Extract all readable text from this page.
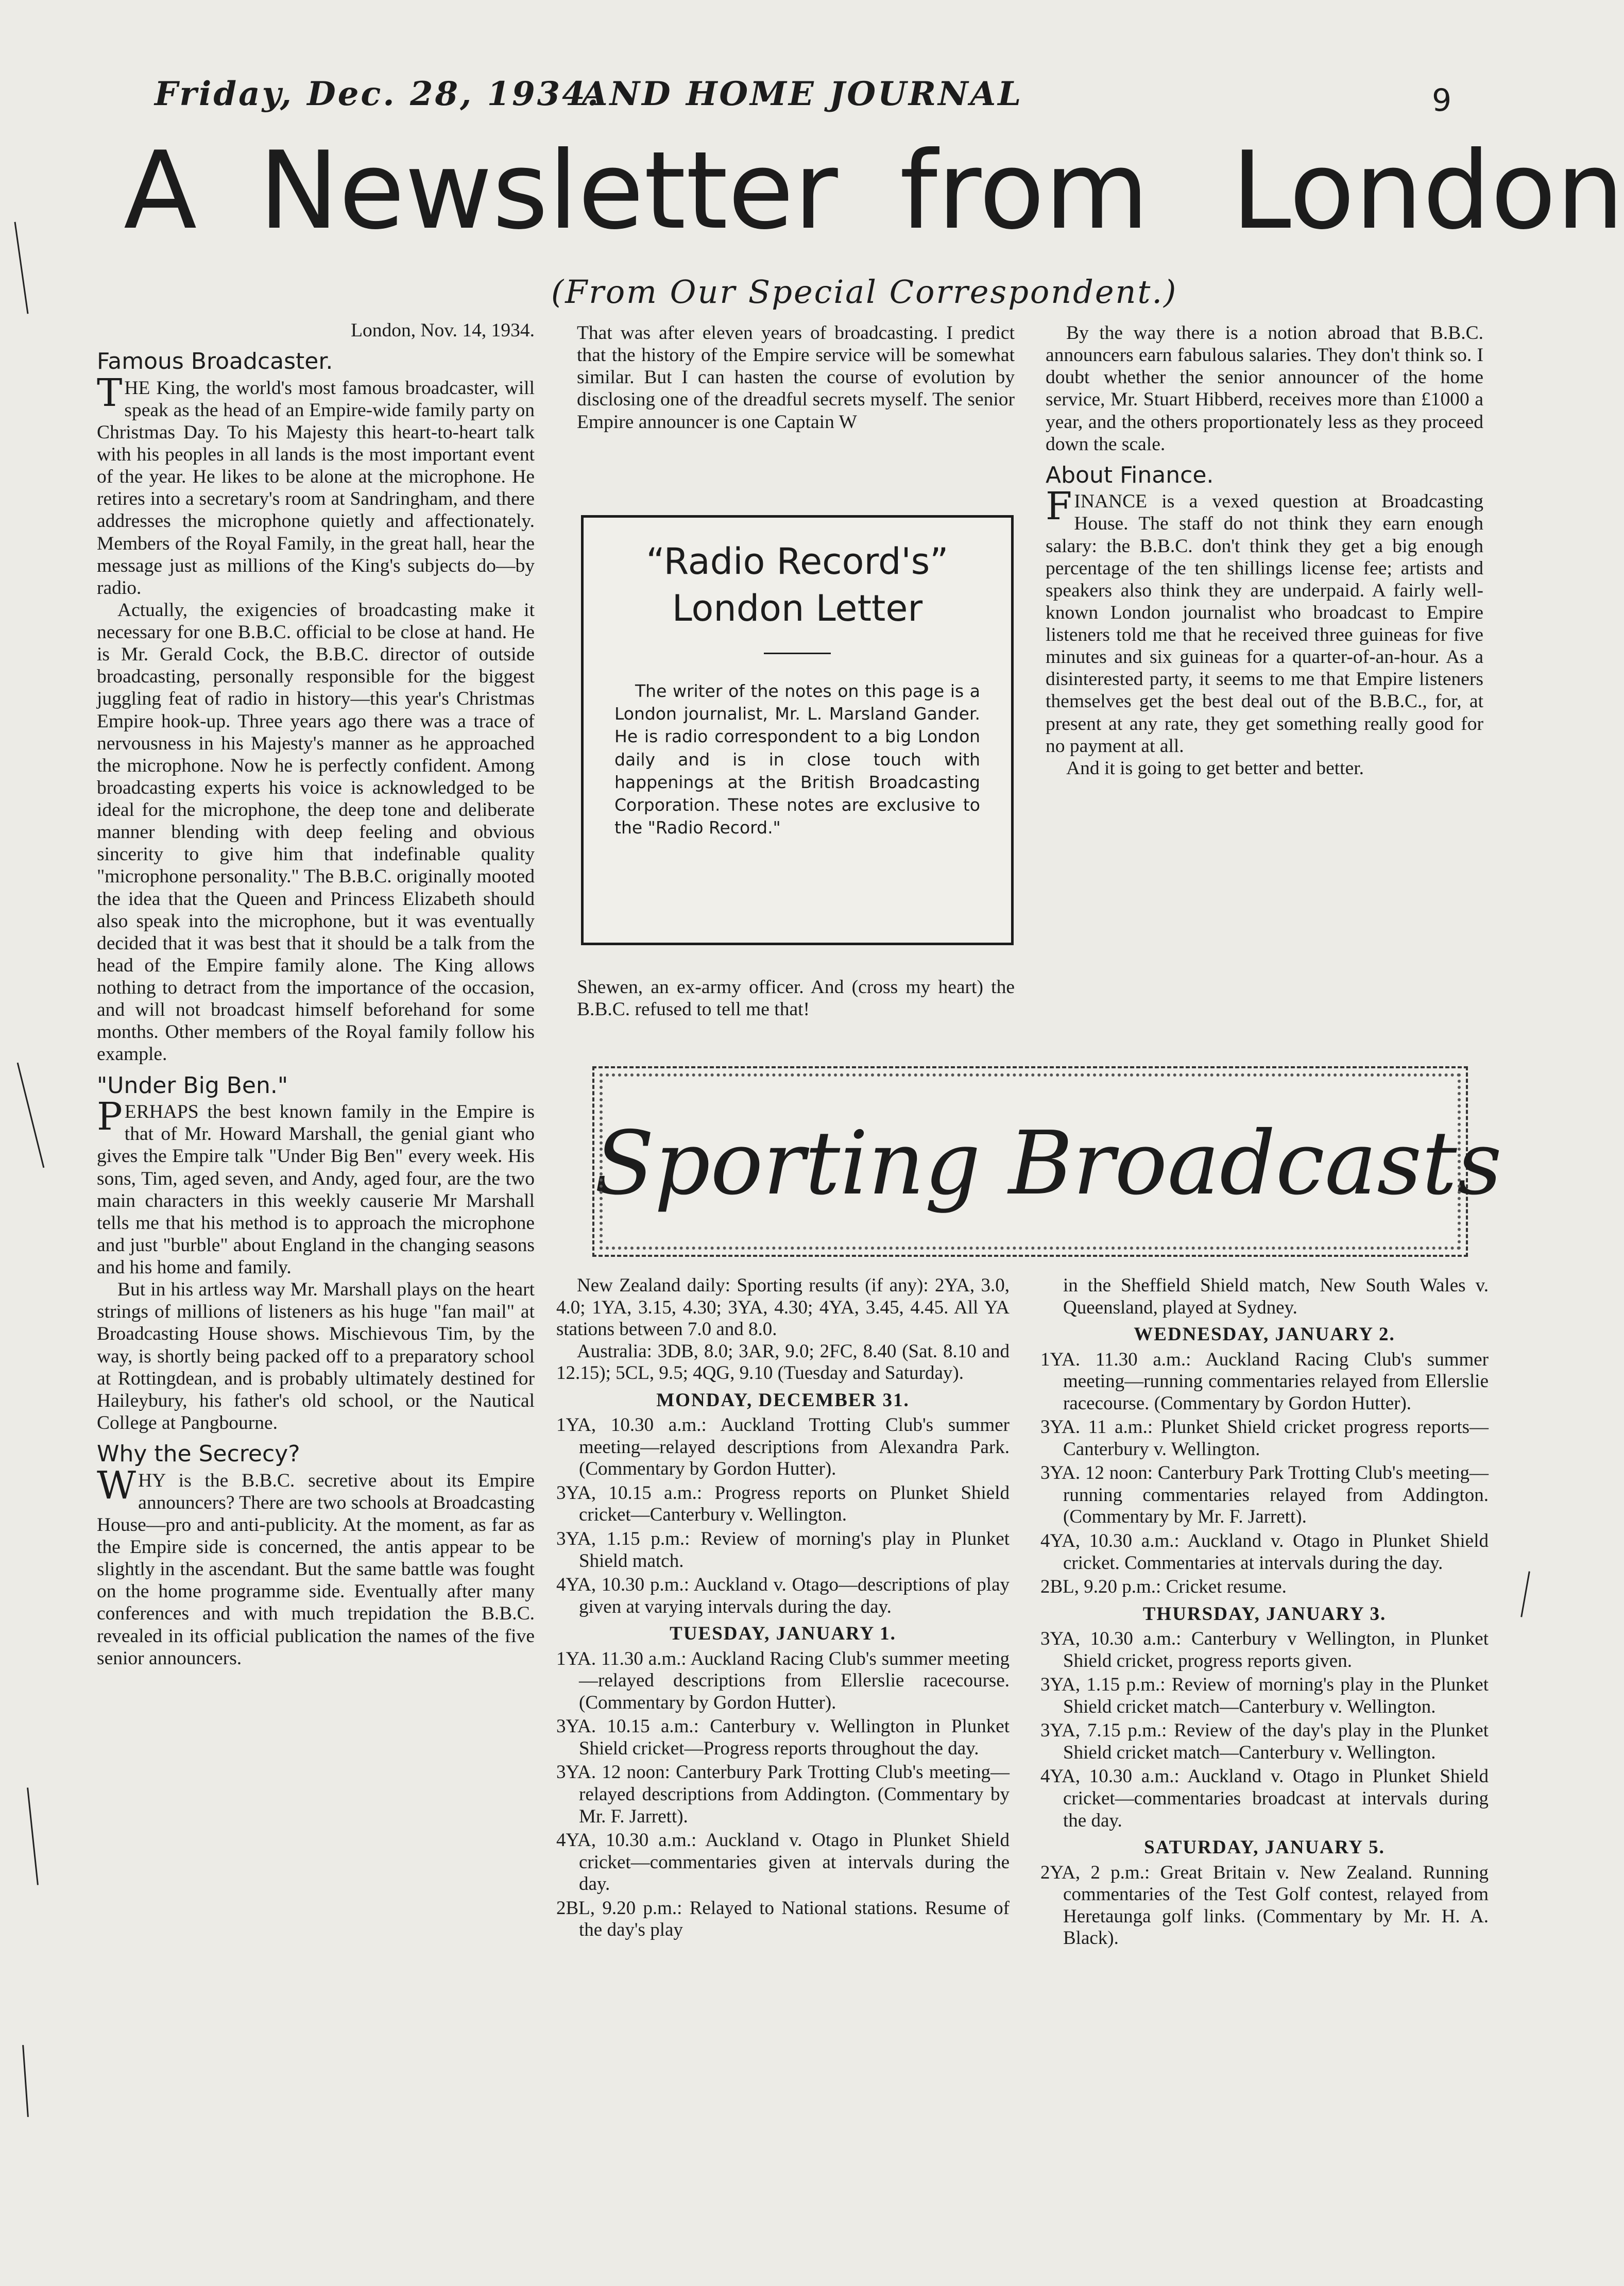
Friday, Dec. 28, 1934.
AND HOME JOURNAL	9
A Newsletter from London
(From Our Special Correspondent.)

London, Nov. 14, 1934.

Famous Broadcaster.

THE King, the world's most famous broadcaster, will speak as the head of an Empire-wide family party on Christmas Day. To his Majesty this heart-to-heart talk with his peoples in all lands is the most important event of the year. He likes to be alone at the microphone. He retires into a secretary's room at Sandringham, and there addresses the microphone quietly and affectionately. Members of the Royal Family, in the great hall, hear the message just as millions of the King's subjects do—by radio.

Actually, the exigencies of broadcasting make it necessary for one B.B.C. official to be close at hand. He is Mr. Gerald Cock, the B.B.C. director of outside broadcasting, personally responsible for the biggest juggling feat of radio in history—this year's Christmas Empire hook-up. Three years ago there was a trace of nervousness in his Majesty's manner as he approached the microphone. Now he is perfectly confident. Among broadcasting experts his voice is acknowledged to be ideal for the microphone, the deep tone and deliberate manner blending with deep feeling and obvious sincerity to give him that indefinable quality "microphone personality." The B.B.C. originally mooted the idea that the Queen and Princess Elizabeth should also speak into the microphone, but it was eventually decided that it was best that it should be a talk from the head of the Empire family alone. The King allows nothing to detract from the importance of the occasion, and will not broadcast himself beforehand for some months. Other members of the Royal family follow his example.

"Under Big Ben."

PERHAPS the best known family in the Empire is that of Mr. Howard Marshall, the genial giant who gives the Empire talk "Under Big Ben" every week. His sons, Tim, aged seven, and Andy, aged four, are the two main characters in this weekly causerie Mr Marshall tells me that his method is to approach the microphone and just "burble" about England in the changing seasons and his home and family.

But in his artless way Mr. Marshall plays on the heart strings of millions of listeners as his huge "fan mail" at Broadcasting House shows. Mischievous Tim, by the way, is shortly being packed off to a preparatory school at Rottingdean, and is probably ultimately destined for Haileybury, his father's old school, or the Nautical College at Pangbourne.

Why the Secrecy?

WHY is the B.B.C. secretive about its Empire announcers? There are two schools at Broadcasting House—pro and anti-publicity. At the moment, as far as the Empire side is concerned, the antis appear to be slightly in the ascendant. But the same battle was fought on the home programme side. Eventually after many conferences and with much trepidation the B.B.C. revealed in its official publication the names of the five senior announcers.

That was after eleven years of broadcasting. I predict that the history of the Empire service will be somewhat similar. But I can hasten the course of evolution by disclosing one of the dreadful secrets myself. The senior Empire announcer is one Captain W

“Radio Record's”
London Letter
The writer of the notes on this page is a London journalist, Mr. L. Marsland Gander. He is radio correspondent to a big London daily and is in close touch with happenings at the British Broadcasting Corporation. These notes are exclusive to the "Radio Record."

Shewen, an ex-army officer. And (cross my heart) the B.B.C. refused to tell me that!

By the way there is a notion abroad that B.B.C. announcers earn fabulous salaries. They don't think so. I doubt whether the senior announcer of the home service, Mr. Stuart Hibberd, receives more than £1000 a year, and the others proportionately less as they proceed down the scale.

About Finance.

FINANCE is a vexed question at Broadcasting House. The staff do not think they earn enough salary: the B.B.C. don't think they get a big enough percentage of the ten shillings license fee; artists and speakers also think they are underpaid. A fairly well-known London journalist who broadcast to Empire listeners told me that he received three guineas for five minutes and six guineas for a quarter-of-an-hour. As a disinterested party, it seems to me that Empire listeners themselves get the best deal out of the B.B.C., for, at present at any rate, they get something really good for no payment at all.

And it is going to get better and better.

Sporting Broadcasts

New Zealand daily: Sporting results (if any): 2YA, 3.0, 4.0; 1YA, 3.15, 4.30; 3YA, 4.30; 4YA, 3.45, 4.45. All YA stations between 7.0 and 8.0.

Australia: 3DB, 8.0; 3AR, 9.0; 2FC, 8.40 (Sat. 8.10 and 12.15); 5CL, 9.5; 4QG, 9.10 (Tuesday and Saturday).

MONDAY, DECEMBER 31.

1YA, 10.30 a.m.: Auckland Trotting Club's summer meeting—relayed descriptions from Alexandra Park. (Commentary by Gordon Hutter).

3YA, 10.15 a.m.: Progress reports on Plunket Shield cricket—Canterbury v. Wellington.

3YA, 1.15 p.m.: Review of morning's play in Plunket Shield match.

4YA, 10.30 p.m.: Auckland v. Otago—descriptions of play given at varying intervals during the day.

TUESDAY, JANUARY 1.

1YA. 11.30 a.m.: Auckland Racing Club's summer meeting—relayed descriptions from Ellerslie racecourse. (Commentary by Gordon Hutter).

3YA. 10.15 a.m.: Canterbury v. Wellington in Plunket Shield cricket—Progress reports throughout the day.

3YA. 12 noon: Canterbury Park Trotting Club's meeting—relayed descriptions from Addington. (Commentary by Mr. F. Jarrett).

4YA, 10.30 a.m.: Auckland v. Otago in Plunket Shield cricket—commentaries given at intervals during the day.

2BL, 9.20 p.m.: Relayed to National stations. Resume of the day's play

in the Sheffield Shield match, New South Wales v. Queensland, played at Sydney.

WEDNESDAY, JANUARY 2.

1YA. 11.30 a.m.: Auckland Racing Club's summer meeting—running commentaries relayed from Ellerslie racecourse. (Commentary by Gordon Hutter).

3YA. 11 a.m.: Plunket Shield cricket progress reports—Canterbury v. Wellington.

3YA. 12 noon: Canterbury Park Trotting Club's meeting—running commentaries relayed from Addington. (Commentary by Mr. F. Jarrett).

4YA, 10.30 a.m.: Auckland v. Otago in Plunket Shield cricket. Commentaries at intervals during the day.

2BL, 9.20 p.m.: Cricket resume.

THURSDAY, JANUARY 3.

3YA, 10.30 a.m.: Canterbury v Wellington, in Plunket Shield cricket, progress reports given.

3YA, 1.15 p.m.: Review of morning's play in the Plunket Shield cricket match—Canterbury v. Wellington.

3YA, 7.15 p.m.: Review of the day's play in the Plunket Shield cricket match—Canterbury v. Wellington.

4YA, 10.30 a.m.: Auckland v. Otago in Plunket Shield cricket—commentaries broadcast at intervals during the day.

SATURDAY, JANUARY 5.

2YA, 2 p.m.: Great Britain v. New Zealand. Running commentaries of the Test Golf contest, relayed from Heretaunga golf links. (Commentary by Mr. H. A. Black).
